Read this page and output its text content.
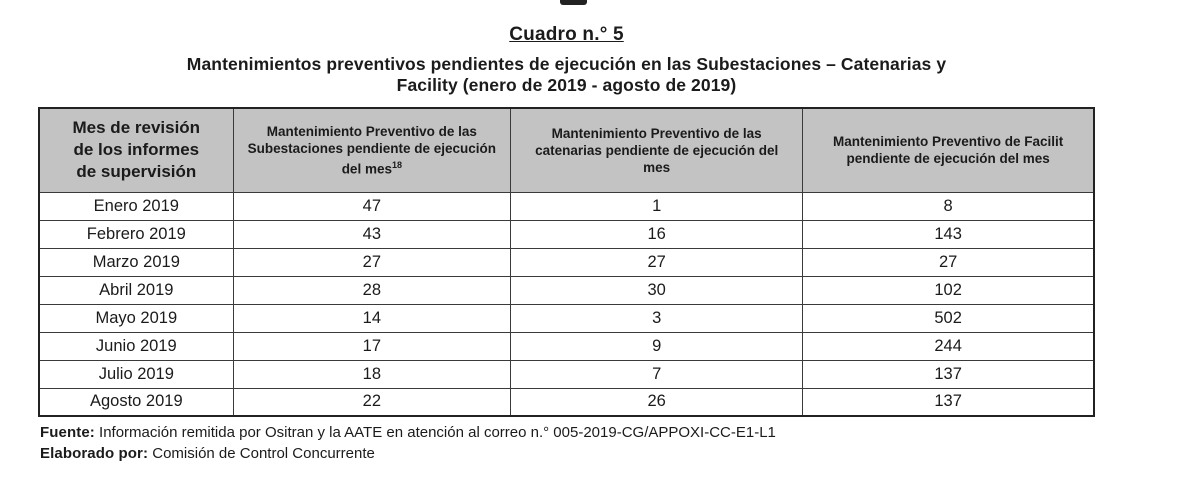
Cuadro n.° 5
Mantenimientos preventivos pendientes de ejecución en las Subestaciones – Catenarias y
Facility (enero de 2019 - agosto de 2019)
Mes de revisión de los informes de supervisión	Mantenimiento Preventivo de las Subestaciones pendiente de ejecución del mes$^{18}$	Mantenimiento Preventivo de las catenarias pendiente de ejecución del mes	Mantenimiento Preventivo de Facilit pendiente de ejecución del mes
Enero 2019	47	1	8
Febrero 2019	43	16	143
Marzo 2019	27	27	27
Abril 2019	28	30	102
Mayo 2019	14	3	502
Junio 2019	17	9	244
Julio 2019	18	7	137
Agosto 2019	22	26	137
Fuente: Información remitida por Ositran y la AATE en atención al correo n.° 005-2019-CG/APPOXI-CC-E1-L1
Elaborado por: Comisión de Control Concurrente
